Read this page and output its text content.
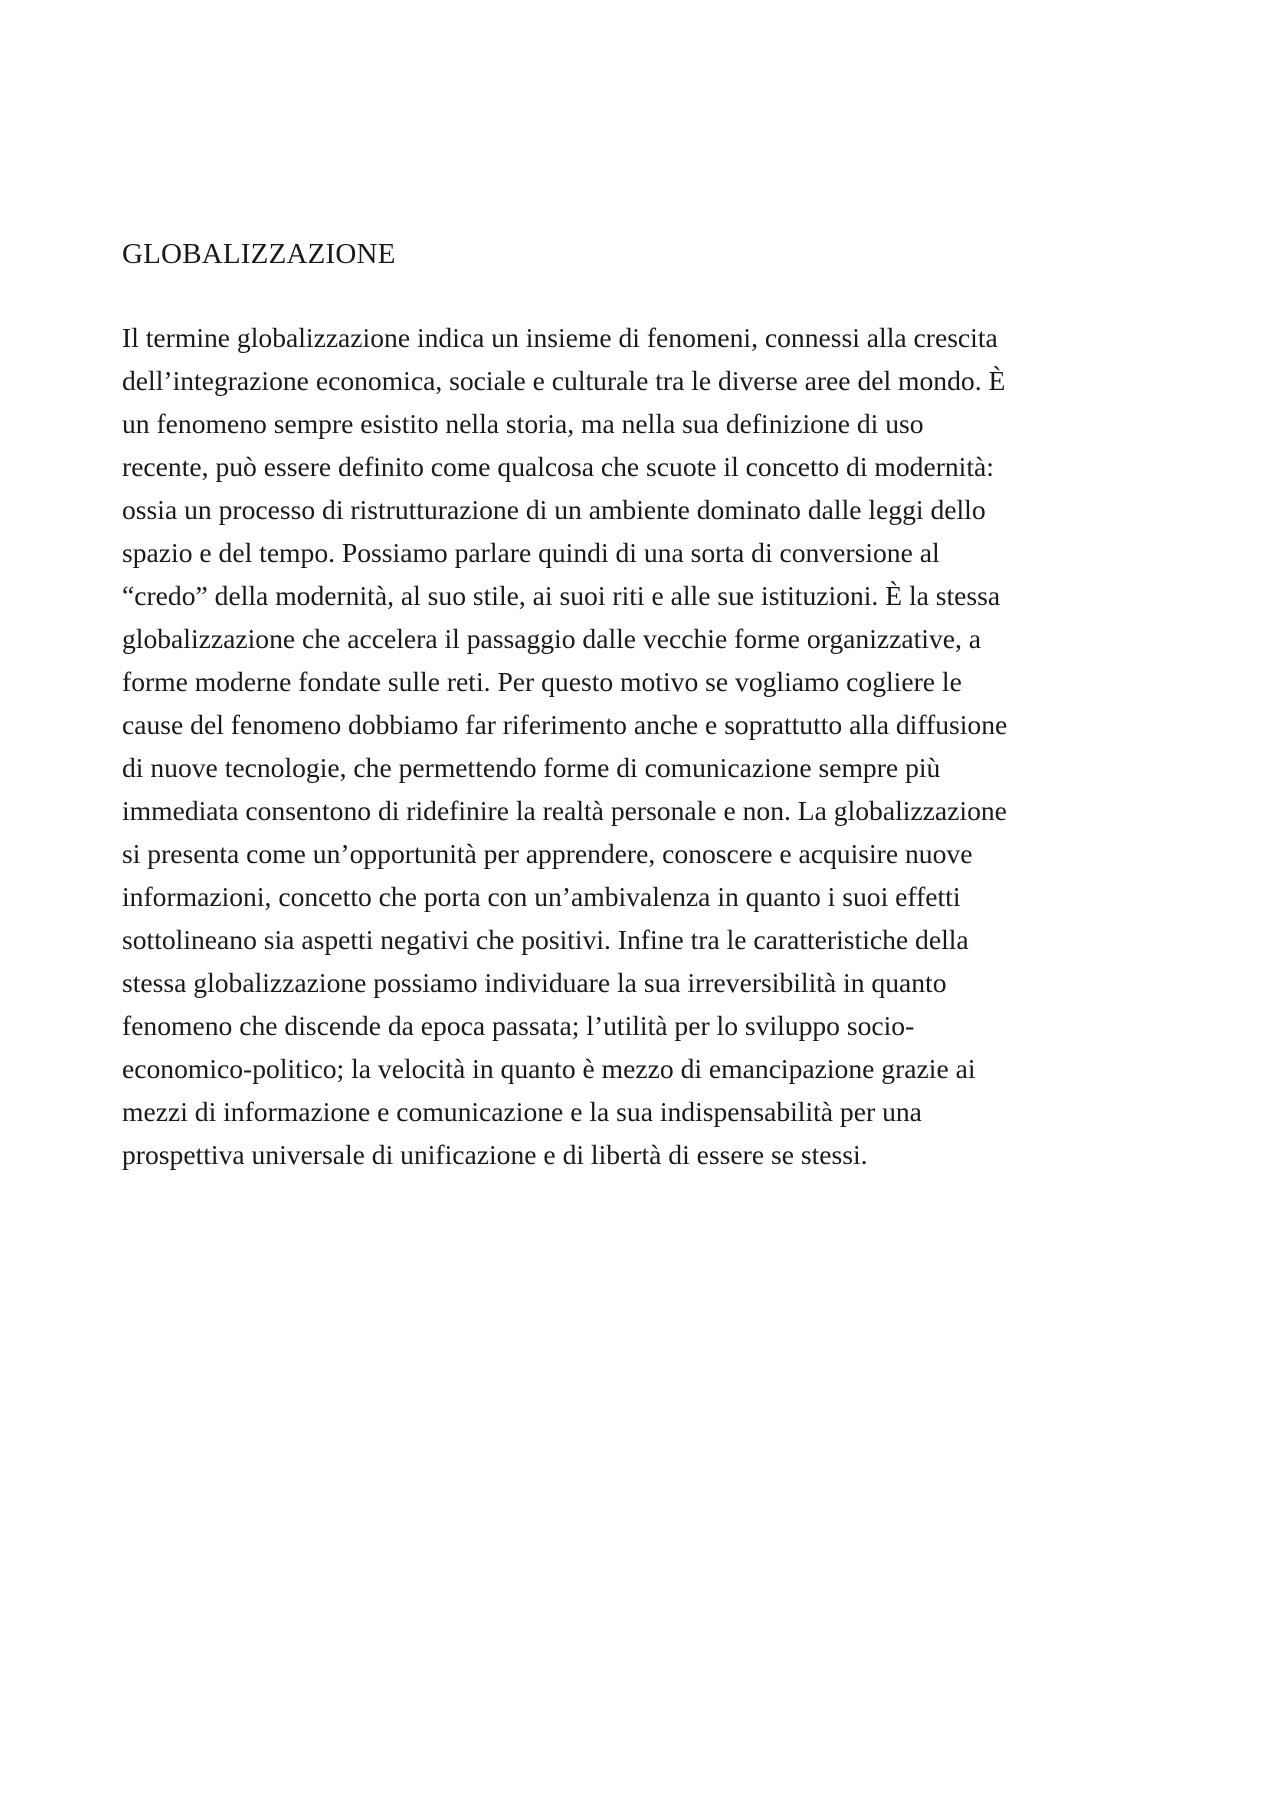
GLOBALIZZAZIONE
Il termine globalizzazione indica un insieme di fenomeni, connessi alla crescita
dell’integrazione economica, sociale e culturale tra le diverse aree del mondo. È
un fenomeno sempre esistito nella storia, ma nella sua definizione di uso
recente, può essere definito come qualcosa che scuote il concetto di modernità:
ossia un processo di ristrutturazione di un ambiente dominato dalle leggi dello
spazio e del tempo. Possiamo parlare quindi di una sorta di conversione al
“credo” della modernità, al suo stile, ai suoi riti e alle sue istituzioni. È la stessa
globalizzazione che accelera il passaggio dalle vecchie forme organizzative, a
forme moderne fondate sulle reti. Per questo motivo se vogliamo cogliere le
cause del fenomeno dobbiamo far riferimento anche e soprattutto alla diffusione
di nuove tecnologie, che permettendo forme di comunicazione sempre più
immediata consentono di ridefinire la realtà personale e non. La globalizzazione
si presenta come un’opportunità per apprendere, conoscere e acquisire nuove
informazioni, concetto che porta con un’ambivalenza in quanto i suoi effetti
sottolineano sia aspetti negativi che positivi. Infine tra le caratteristiche della
stessa globalizzazione possiamo individuare la sua irreversibilità in quanto
fenomeno che discende da epoca passata; l’utilità per lo sviluppo socio-
economico-politico; la velocità in quanto è mezzo di emancipazione grazie ai
mezzi di informazione e comunicazione e la sua indispensabilità per una
prospettiva universale di unificazione e di libertà di essere se stessi.
